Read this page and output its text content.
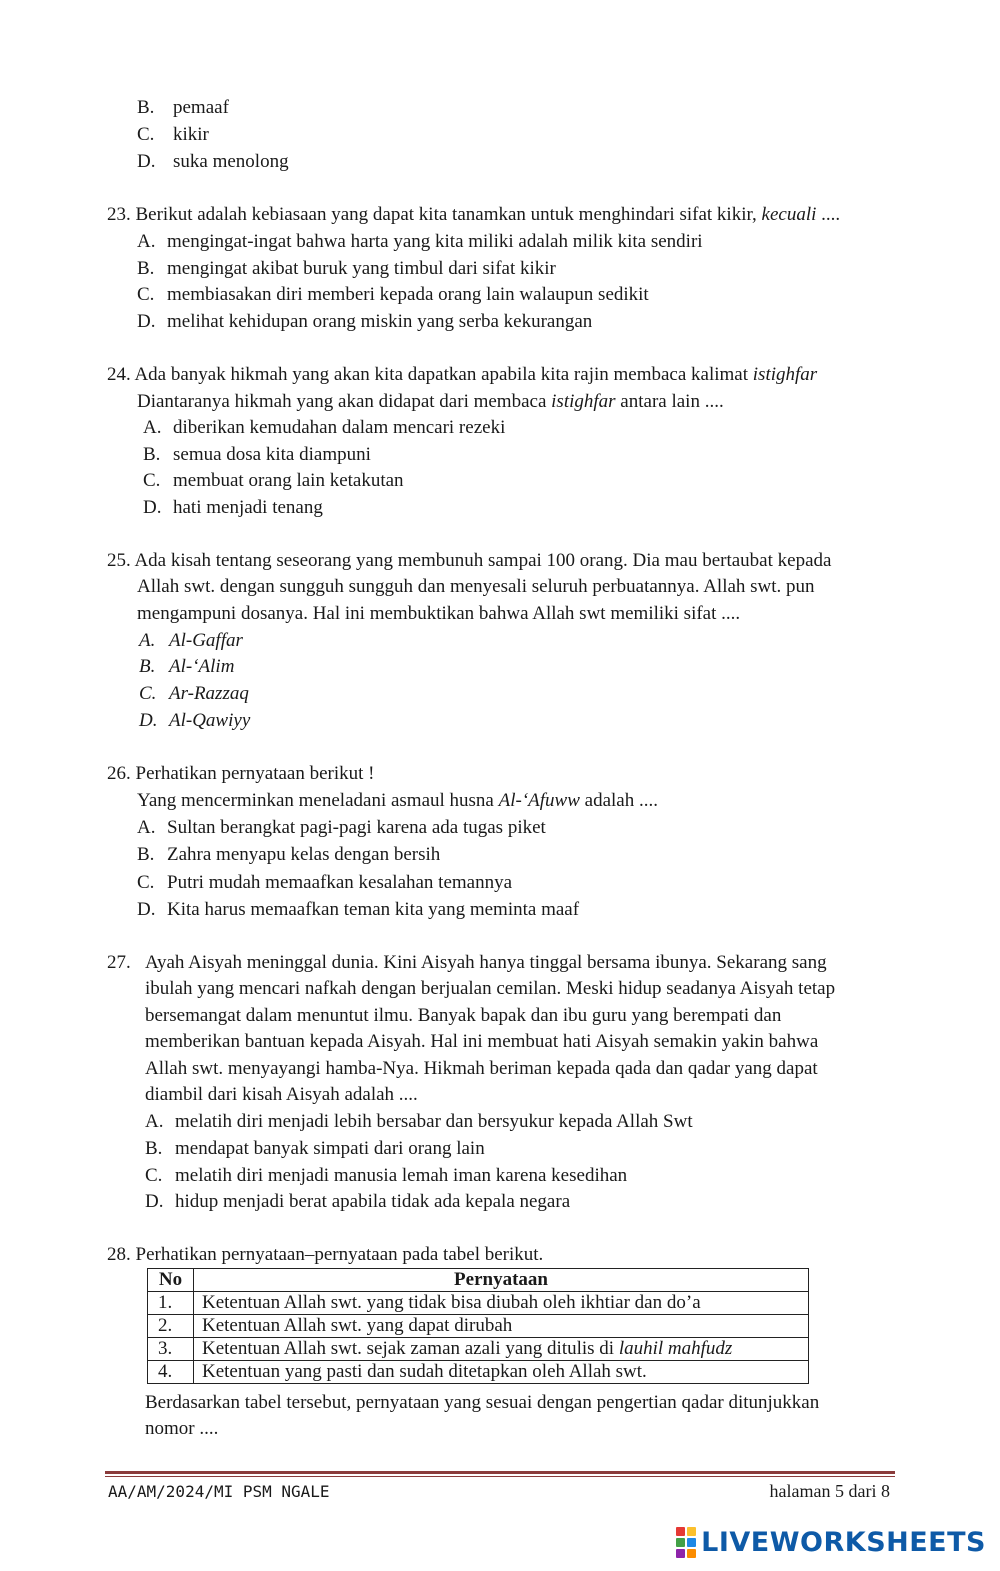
B. pemaaf
C. kikir
D. suka menolong
23. Berikut adalah kebiasaan yang dapat kita tanamkan untuk menghindari sifat kikir, kecuali ....
A. mengingat-ingat bahwa harta yang kita miliki adalah milik kita sendiri
B. mengingat akibat buruk yang timbul dari sifat kikir
C. membiasakan diri memberi kepada orang lain walaupun sedikit
D. melihat kehidupan orang miskin yang serba kekurangan
24. Ada banyak hikmah yang akan kita dapatkan apabila kita rajin membaca kalimat istighfar
Diantaranya hikmah yang akan didapat dari membaca istighfar antara lain ....
A. diberikan kemudahan dalam mencari rezeki
B. semua dosa kita diampuni
C. membuat orang lain ketakutan
D. hati menjadi tenang
25. Ada kisah tentang seseorang yang membunuh sampai 100 orang. Dia mau bertaubat kepada
Allah swt. dengan sungguh sungguh dan menyesali seluruh perbuatannya. Allah swt. pun
mengampuni dosanya. Hal ini membuktikan bahwa Allah swt memiliki sifat ....
A. Al-Gaffar
B. Al-‘Alim
C. Ar-Razzaq
D. Al-Qawiyy
26. Perhatikan pernyataan berikut !
Yang mencerminkan meneladani asmaul husna Al-‘Afuww adalah ....
A. Sultan berangkat pagi-pagi karena ada tugas piket
B. Zahra menyapu kelas dengan bersih
C. Putri mudah memaafkan kesalahan temannya
D. Kita harus memaafkan teman kita yang meminta maaf
27. Ayah Aisyah meninggal dunia. Kini Aisyah hanya tinggal bersama ibunya. Sekarang sang
ibulah yang mencari nafkah dengan berjualan cemilan. Meski hidup seadanya Aisyah tetap
bersemangat dalam menuntut ilmu. Banyak bapak dan ibu guru yang berempati dan
memberikan bantuan kepada Aisyah. Hal ini membuat hati Aisyah semakin yakin bahwa
Allah swt. menyayangi hamba-Nya. Hikmah beriman kepada qada dan qadar yang dapat
diambil dari kisah Aisyah adalah ....
A. melatih diri menjadi lebih bersabar dan bersyukur kepada Allah Swt
B. mendapat banyak simpati dari orang lain
C. melatih diri menjadi manusia lemah iman karena kesedihan
D. hidup menjadi berat apabila tidak ada kepala negara
28. Perhatikan pernyataan–pernyataan pada tabel berikut.
No	Pernyataan
1.	Ketentuan Allah swt. yang tidak bisa diubah oleh ikhtiar dan do’a
2.	Ketentuan Allah swt. yang dapat dirubah
3.	Ketentuan Allah swt. sejak zaman azali yang ditulis di lauhil mahfudz
4.	Ketentuan yang pasti dan sudah ditetapkan oleh Allah swt.
Berdasarkan tabel tersebut, pernyataan yang sesuai dengan pengertian qadar ditunjukkan
nomor ....
AA/AM/2024/MI PSM NGALE	halaman 5 dari 8
LIVEWORKSHEETS
